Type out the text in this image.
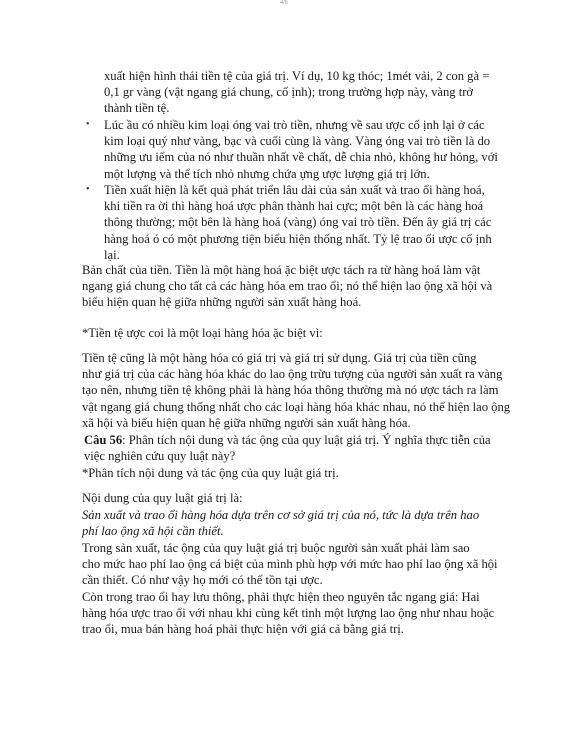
4/6
xuất hiện hình thái tiền tệ của giá trị. Ví dụ, 10 kg thóc; 1mét vải, 2 con gà =
0,1 gr vàng (vật ngang giá chung, cố ịnh); trong trường hợp này, vàng trở
thành tiền tệ.
• Lúc ầu có nhiều kim loại óng vai trò tiền, nhưng về sau ược cố ịnh lại ở các
kim loại quý như vàng, bạc và cuối cùng là vàng. Vàng óng vai trò tiền là do
những ưu iểm của nó như thuần nhất về chất, dễ chia nhỏ, không hư hỏng, với
một lượng và thể tích nhỏ nhưng chứa ựng ược lượng giá trị lớn.
• Tiền xuất hiện là kết quả phát triển lâu dài của sản xuất và trao ổi hàng hoá,
khi tiền ra ời thì hàng hoá ược phân thành hai cực; một bên là các hàng hoá
thông thường; một bên là hàng hoá (vàng) óng vai trò tiền. Đến ây giá trị các
hàng hoá ó có một phương tiện biểu hiện thống nhất. Tỷ lệ trao ổi ược cố ịnh
lại.
Bản chất của tiền. Tiền là một hàng hoá ặc biệt ược tách ra từ hàng hoá làm vật
ngang giá chung cho tất cả các hàng hóa em trao ổi; nó thể hiện lao ộng xã hội và
biểu hiện quan hệ giữa những người sản xuất hàng hoá.
*Tiền tệ ược coi là một loại hàng hóa ặc biệt vì:
Tiền tệ cũng là một hàng hóa có giá trị và giá trị sử dụng. Giá trị của tiền cũng
như giá trị của các hàng hóa khác do lao ộng trừu tượng của người sản xuất ra vàng
tạo nên, nhưng tiền tệ không phải là hàng hóa thông thường mà nó ược tách ra làm
vật ngang giá chung thống nhất cho các loại hàng hóa khác nhau, nó thể hiện lao ộng
xã hội và biểu hiện quan hệ giữa những người sản xuất hàng hóa.
Câu 56: Phân tích nội dung và tác ộng của quy luật giá trị. Ý nghĩa thực tiễn của
việc nghiên cứu quy luật này?
*Phân tích nội dung và tác ộng của quy luật giá trị.
Nội dung của quy luật giá trị là:
Sản xuất và trao ổi hàng hóa dựa trên cơ sở giá trị của nó, tức là dựa trên hao
phí lao ộng xã hội cần thiết.
Trong sản xuất, tác ộng của quy luật giá trị buộc người sản xuất phải làm sao
cho mức hao phí lao ộng cá biệt của mình phù hợp với mức hao phí lao ộng xã hội
cần thiết. Có như vậy họ mới có thể tồn tại ược.
Còn trong trao ổi hay lưu thông, phải thực hiện theo nguyên tắc ngang giá: Hai
hàng hóa ược trao ổi với nhau khi cùng kết tinh một lượng lao ộng như nhau hoặc
trao ổi, mua bán hàng hoá phải thực hiện với giá cả bằng giá trị.
